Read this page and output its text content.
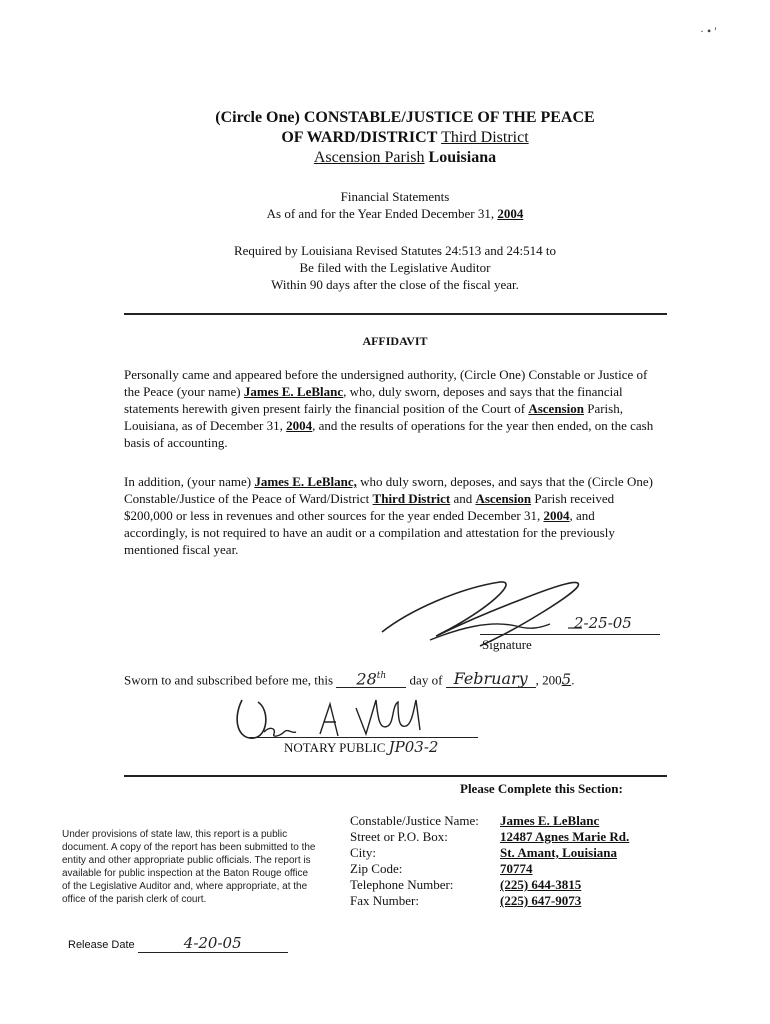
(Circle One) CONSTABLE/JUSTICE OF THE PEACE
OF WARD/DISTRICT Third District
Ascension Parish Louisiana
Financial Statements
As of and for the Year Ended December 31, 2004
Required by Louisiana Revised Statutes 24:513 and 24:514 to
Be filed with the Legislative Auditor
Within 90 days after the close of the fiscal year.
AFFIDAVIT
Personally came and appeared before the undersigned authority, (Circle One) Constable or Justice of the Peace (your name) James E. LeBlanc, who, duly sworn, deposes and says that the financial statements herewith given present fairly the financial position of the Court of Ascension Parish, Louisiana, as of December 31, 2004, and the results of operations for the year then ended, on the cash basis of accounting.
In addition, (your name) James E. LeBlanc, who duly sworn, deposes, and says that the (Circle One) Constable/Justice of the Peace of Ward/District Third District and Ascension Parish received $200,000 or less in revenues and other sources for the year ended December 31, 2004, and accordingly, is not required to have an audit or a compilation and attestation for the previously mentioned fiscal year.
2-25-05
Signature
Sworn to and subscribed before me, this 28th day of February , 2005.
NOTARY PUBLIC JP03-2
Please Complete this Section:
Constable/Justice Name:	James E. LeBlanc
Street or P.O. Box:	12487 Agnes Marie Rd.
City:	St. Amant, Louisiana
Zip Code:	70774
Telephone Number:	(225) 644-3815
Fax Number:	(225) 647-9073
Under provisions of state law, this report is a public document. A copy of the report has been submitted to the entity and other appropriate public officials. The report is available for public inspection at the Baton Rouge office of the Legislative Auditor and, where appropriate, at the office of the parish clerk of court.
Release Date	4-20-05
· • ′
